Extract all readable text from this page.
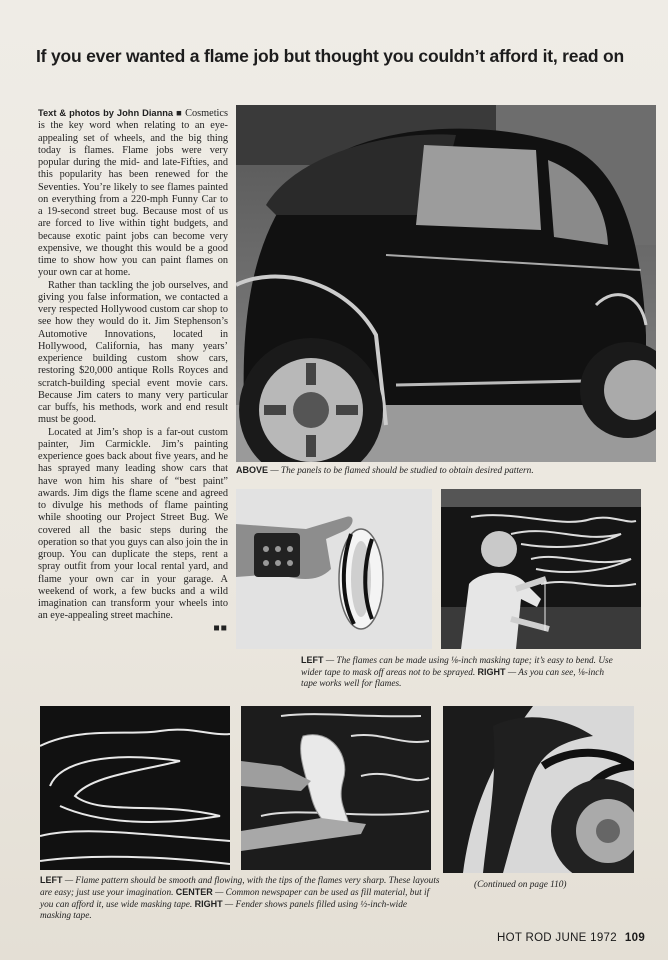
If you ever wanted a flame job but thought you couldn’t afford it, read on

Text & photos by John Dianna ■ Cosmetics is the key word when relating to an eye-appealing set of wheels, and the big thing today is flames. Flame jobs were very popular during the mid- and late-Fifties, and this popularity has been renewed for the Seventies. You’re likely to see flames painted on everything from a 220-mph Funny Car to a 19-second street bug. Because most of us are forced to live within tight budgets, and because exotic paint jobs can become very expensive, we thought this would be a good time to show how you can paint flames on your own car at home.

Rather than tackling the job ourselves, and giving you false information, we contacted a very respected Hollywood custom car shop to see how they would do it. Jim Stephenson’s Automotive Innovations, located in Hollywood, California, has many years’ experience building custom show cars, restoring $20,000 antique Rolls Royces and scratch-building special event movie cars. Because Jim caters to many very particular car buffs, his methods, work and end result must be good.

Located at Jim’s shop is a far-out custom painter, Jim Carmickle. Jim’s painting experience goes back about five years, and he has sprayed many leading show cars that have won him his share of “best paint” awards. Jim digs the flame scene and agreed to divulge his methods of flame painting while shooting our Project Street Bug. We covered all the basic steps during the operation so that you guys can also join the in group. You can duplicate the steps, rent a spray outfit from your local rental yard, and flame your own car in your garage. A weekend of work, a few bucks and a wild imagination can transform your wheels into an eye-appealing street machine.

■■
ABOVE — The panels to be flamed should be studied to obtain desired pattern.
LEFT — The flames can be made using ⅛-inch masking tape; it’s easy to bend. Use wider tape to mask off areas not to be sprayed. RIGHT — As you can see, ⅛-inch tape works well for flames.
LEFT — Flame pattern should be smooth and flowing, with the tips of the flames very sharp. These layouts are easy; just use your imagination. CENTER — Common newspaper can be used as fill material, but if you can afford it, use wide masking tape. RIGHT — Fender shows panels filled using ½-inch-wide masking tape.
(Continued on page 110)
HOT ROD JUNE 1972 109
